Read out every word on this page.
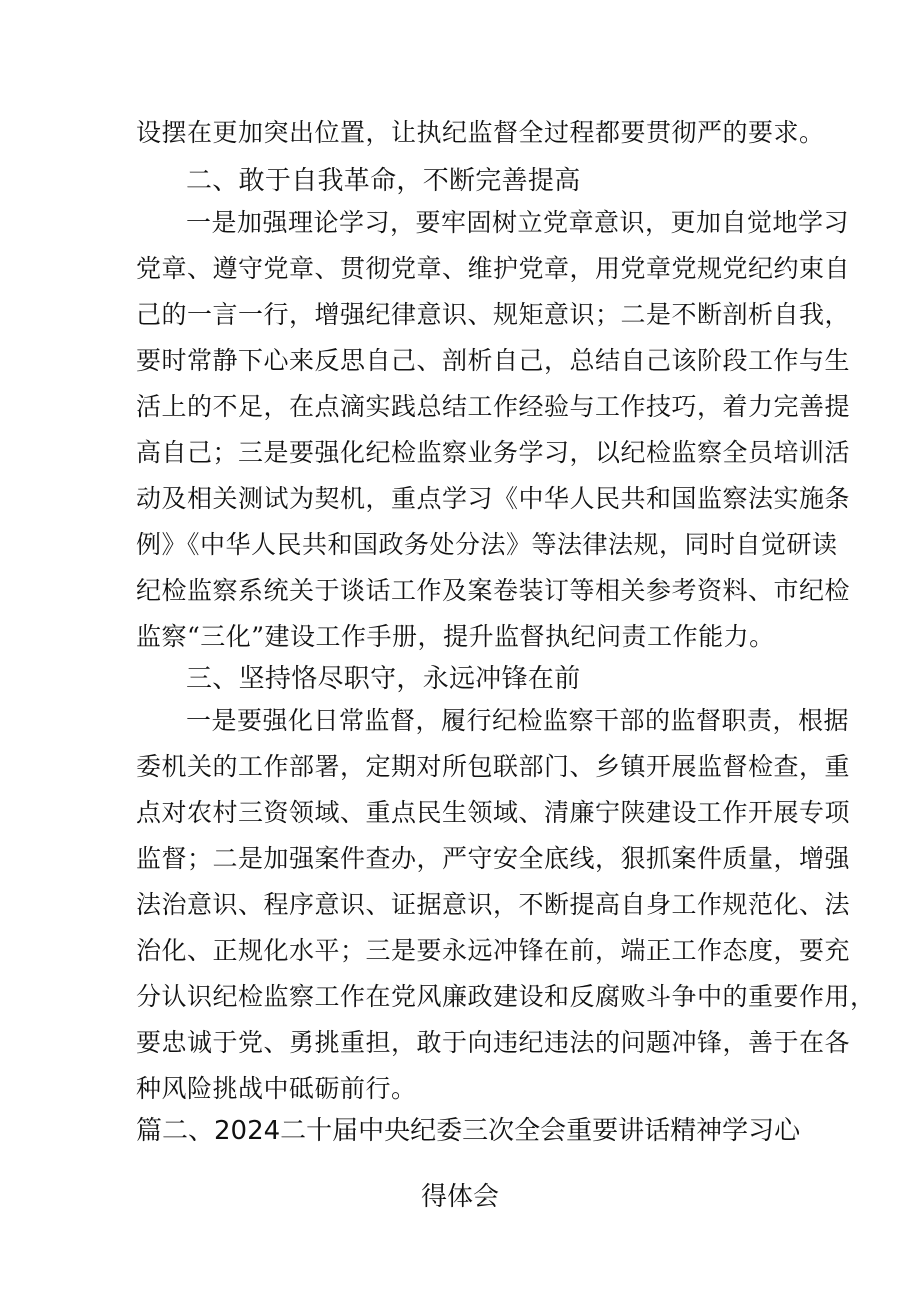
设摆在更加突出位置，让执纪监督全过程都要贯彻严的要求。
二、敢于自我革命，不断完善提高
一是加强理论学习，要牢固树立党章意识，更加自觉地学习
党章、遵守党章、贯彻党章、维护党章，用党章党规党纪约束自
己的一言一行，增强纪律意识、规矩意识；二是不断剖析自我，
要时常静下心来反思自己、剖析自己，总结自己该阶段工作与生
活上的不足，在点滴实践总结工作经验与工作技巧，着力完善提
高自己；三是要强化纪检监察业务学习，以纪检监察全员培训活
动及相关测试为契机，重点学习《中华人民共和国监察法实施条
例》《中华人民共和国政务处分法》等法律法规，同时自觉研读
纪检监察系统关于谈话工作及案卷装订等相关参考资料、市纪检
监察“三化”建设工作手册，提升监督执纪问责工作能力。
三、坚持恪尽职守，永远冲锋在前
一是要强化日常监督，履行纪检监察干部的监督职责，根据
委机关的工作部署，定期对所包联部门、乡镇开展监督检查，重
点对农村三资领域、重点民生领域、清廉宁陕建设工作开展专项
监督；二是加强案件查办，严守安全底线，狠抓案件质量，增强
法治意识、程序意识、证据意识，不断提高自身工作规范化、法
治化、正规化水平；三是要永远冲锋在前，端正工作态度，要充
分认识纪检监察工作在党风廉政建设和反腐败斗争中的重要作用，
要忠诚于党、勇挑重担，敢于向违纪违法的问题冲锋，善于在各
种风险挑战中砥砺前行。
篇二、2024二十届中央纪委三次全会重要讲话精神学习心
得体会
